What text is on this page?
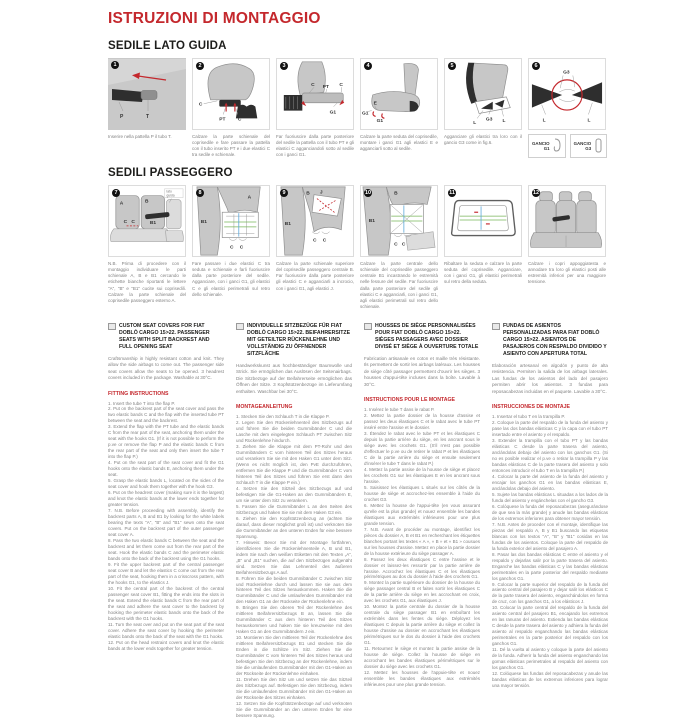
ISTRUZIONI DI MONTAGGIO
SEDILE LATO GUIDA
1
P	T

Inserire nella pattella P il tubo T.

2
C
PT C

Calzare la parte schienale del coprisedile e fare passare la pattella con il tubo inserito PT e i due elastici C tra sedile e schienale.

3
C PT C
G1

Far fuoriuscire dalla parte posteriore del sedile la pattella con il tubo PT e gli elastici C agganciandoli sotto al sedile con i ganci G1.

4
G1
E
G1

Calzare la parte seduta del coprisedile, montare i ganci G1 agli elastici E e agganciarli sotto al sedile.

5
G3
L	L

Agganciare gli elastici tra loro con il gancio G3 come in fig.6.

6
G3
L	L
GANCIO
G1
GANCIO
G3
SEDILI PASSEGGERO
7	lato
guida
A	B
C C	B1

N.B. Prima di procedere con il montaggio individuare le parti schienale A, B e B1 cercando le etichette bianche riportanti le lettere "A", "B" e "B1" cucite sui coprisedili. Calzare la parte schienale del coprisedile passeggero esterno A.

8
A
B1
C C

Fare passare i due elastici C tra seduta e schienale e farli fuoriuscire dalla parte posteriore del sedile. Agganciare, con i ganci G1, gli elastici C e gli elastici perimetrali sul retro dello schienale.

9	B J
B1
C C

Calzare la parte schienale superiore del coprisedile passeggero centrale B. Far fuoriuscire dalla parte posteriore gli elastici C e agganciarli a incrocio, con i ganci G1, agli elastici J.

10	B
B1
C C

Calzare la parte centrale dello schienale del coprisedile passeggero centrale B1 incastrando le estremità nelle fessure del sedile. Far fuoriuscire dalla parte posteriore del sedile gli elastici C e agganciarli, con i ganci G1, agli elastici perimetrali sul retro dello schienale.

11

Ribaltare la seduta e calzare la parte seduta del coprisedile. Agganciare, con i ganci G1, gli elastici perimetrali sul retro della seduta.

12

Calzare i copri appoggiatesta e annodare tra loro gli elastici posti alle estremità inferiori per una maggiore tensione.

CUSTOM SEAT COVERS FOR FIAT DOBLÒ CARGO 15>22. PASSENGER SEATS WITH SPLIT BACKREST AND FULL OPENING SEAT

Craftsmanship in highly resistant cotton and knit. They allow the side airbags to come out. The passenger side seat covers allow the seats to be opened. 3 headrest covers included in the package. Washable at 30°C.

FITTING INSTRUCTIONS

1. Insert the tube T into the flap P.

2. Put on the backrest part of the seat cover and pass the two elastic bands C and the flap with the inserted tube PT between the seat and the backrest.

3. Extend the flap with the PT tube and the elastic bands C from the rear part of the seat, anchoring them under the seat with the hooks G1. (If it is not possible to perform the p.ve or remove the flap P and the elastic bands C from the rear part of the seat and only then insert the tube T into the flap P.)

4. Put on the seat part of the seat cover and fit the G1 hooks onto the elastic bands E, anchoring them under the seat.

5. Grasp the elastic bands L, located on the sides of the seat cover and hook them together with the hook G3.

6. Put on the headrest cover (making sure it is the largest) and knot the elastic bands at the lower ends together for greater tension.

7. N.B. Before proceeding with assembly, identify the backrest parts A, B and B1 by looking for the white labels bearing the texts "A", "B" and "B1" sewn onto the seat covers. Put on the backrest part of the outer passenger seat cover A.

8. Pass the two elastic bands C between the seat and the backrest and let them come out from the rear part of the seat. Hook the elastic bands C and the perimeter elastic bands onto the back of the backrest using the G1 hooks.

9. Fit the upper backrest part of the central passenger seat cover B and let the elastics C come out from the rear part of the seat, hooking them in a crisscross pattern, with the hooks G1, to the elastics J.

10. Fit the central part of the backrest of the central passenger seat cover B1, fitting the ends into the slots in the seat. Extend the elastic bands C from the rear part of the seat and adhere the seat cover to the backrest by hooking the perimeter elastic bands onto the back of the backrest with the G1 hooks.

11. Turn the seat over and put on the seat part of the seat cover. Adhere the seat cover by hooking the perimeter elastic bands onto the back of the seat with the G1 hooks.

12. Put on the head restraint covers and knot the elastic bands at the lower ends together for greater tension.

INDIVIDUELLE SITZBEZÜGE FÜR FIAT DOBLÒ CARGO 15>22. BEIFAHRERSITZE MIT GETEILTER RÜCKENLEHNE UND VOLLSTÄNDIG ZU ÖFFNENDER SITZFLÄCHE

Handwerkskunst aus hochbeständiger Baumwolle und Strick. Sie ermöglichen das Auslösen der Seitenairbags. Die Sitzbezüge auf der Beifahrerseite ermöglichen das Öffnen der Sitze. 3 Kopfstützenbezüge im Lieferumfang enthalten. Waschbar bei 30°C.

MONTAGEANLEITUNG

1. Stecken Sie den Schlauch T in die Klappe P.

2. Legen Sie den Rückenlehnenteil des Sitzbezugs auf und führen Sie die beiden Gummibänder C und die Lasche mit dem eingelegten Schlauch PT zwischen Sitz und Rückenlehne hindurch.

3. Ziehen Sie die Klappe mit dem PT-Rohr und den Gummibändern C vom hinteren Teil des Sitzes heraus und verankern Sie sie mit den Haken G1 unter dem Sitz. (Wenn es nicht möglich ist, den PvE durchzuführen, entfernen Sie die Klappe P und die Gummibänder C vom hinteren Teil des Sitzes und führen Sie erst dann den Schlauch T in die Klappe P ein.)

4. Setzen Sie den Sitzteil des Sitzbezugs auf und befestigen Sie die G1-Haken an den Gummibändern E, um sie unter dem Sitz zu verankern.

5. Fassen Sie die Gummibänder L an den Seiten des Sitzbezugs und haken Sie sie mit dem Haken G3 ein.

6. Ziehen Sie den Kopfstützenbezug an (achten Sie darauf, dass dieser möglichst groß ist) und verknoten Sie die Gummibänder an den unteren Enden für eine bessere Spannung.

7. Hinweis: Bevor Sie mit der Montage fortfahren, identifizieren Sie die Rückenlehnenteile A, B und B1, indem Sie nach den weißen Etiketten mit den Texten „A“, „B“ und „B1“ suchen, die auf den Sitzbezügen aufgenäht sind. Setzen Sie das Lehnenteil des äußeren Beifahrersitzbezugs A auf.

8. Führen Sie die beiden Gummibänder C zwischen Sitz und Rückenlehne durch und lassen Sie sie aus dem hinteren Teil des Sitzes herauskommen. Haken Sie die Gummibänder C und die umlaufenden Gummibänder mit den Haken G1 an der Rückseite der Rückenlehne ein.

9. Bringen Sie den oberen Teil der Rückenlehne des mittleren Beifahrersitzbezugs B an, lassen Sie die Gummibänder C aus dem hinteren Teil des Sitzes herauskommen und haken Sie sie kreuzweise mit den Haken G1 an den Gummibändern J ein.

10. Montieren Sie den mittleren Teil der Rückenlehne des mittleren Beifahrersitzbezugs B1 und stecken Sie die Enden in die Schlitze im Sitz. Ziehen Sie die Gummibänder C vom hinteren Teil des Sitzes heraus und befestigen Sie den Sitzbezug an der Rückenlehne, indem Sie die umlaufenden Gummibänder mit den G1-Haken an der Rückseite der Rückenlehne einhaken.

11. Drehen Sie den Sitz um und setzen Sie das Sitzteil des Sitzbezugs auf. Befestigen Sie den Sitzbezug, indem Sie die umlaufenden Gummibänder mit den G1-Haken an der Rückseite des Sitzes einhaken.

12. Setzen Sie die Kopfstützenbezüge auf und verknoten Sie die Gummibänder an den unteren Enden für eine bessere Spannung.

HOUSSES DE SIÈGE PERSONNALISÉES POUR FIAT DOBLÒ CARGO 15>22. SIÈGES PASSAGERS AVEC DOSSIER DIVISÉ ET SIÈGE À OUVERTURE TOTALE

Fabrication artisanale en coton et maille très résistante. Ils permettent de sortir les airbags latéraux. Les housses de siège côté passager permettent d'ouvrir les sièges. 3 housses d'appui-tête incluses dans la boîte. Lavable à 30°C.

INSTRUCTIONS POUR LE MONTAGE

1. Insérez le tube T dans le rabat P.

2. Mettez la partie dossier de la housse d'assise et passez les deux élastiques C et le rabat avec le tube PT inséré entre l'assise et le dossier.

3. Étendez le rabat avec le tube PT et les élastiques C depuis la partie arrière du siège, en les ancrant sous le siège avec les crochets G1. (S'il n'est pas possible d'effectuer le p.ve ou de retirer le rabat P et les élastiques C de la partie arrière du siège et ensuite seulement d'insérer le tube T dans le rabat P.)

4. Mettez la partie assise de la housse de siège et placez les crochets G1 sur les élastiques E en les ancrant sous l'assise.

5. Saisissez les élastiques L situés sur les côtés de la housse de siège et accrochez-les ensemble à l'aide du crochet G3.

6. Mettez la housse de l'appui-tête (en vous assurant qu'elle est la plus grande) et nouez ensemble les bandes élastiques aux extrémités inférieures pour une plus grande tension.

7. N.B. Avant de procéder au montage, identifiez les pièces du dossier A, B et B1 en recherchant les étiquettes blanches portant les textes « A », « B » et « B1 » cousues sur les housses d'assise. Mettez en place la partie dossier de la housse extérieure du siège passager A.

8. Passez les deux élastiques C entre l'assise et le dossier et laissez-les ressortir par la partie arrière de l'assise. Accrochez les élastiques C et les élastiques périmétriques au dos du dossier à l'aide des crochets G1.

9. Montez la partie supérieure du dossier de la housse du siège passager central B et faites sortir les élastiques C de la partie arrière du siège en les accrochant en croix, avec les crochets G1, aux élastiques J.

10. Montez la partie centrale du dossier de la housse centrale du siège passager B1 en emboîtant les extrémités dans les fentes du siège. Déployez les élastiques C depuis la partie arrière du siège et collez la housse d'assise au dossier en accrochant les élastiques périmétriques sur le dos du dossier à l'aide des crochets G1.

11. Retournez le siège et montez la partie assise de la housse de siège. Collez la housse de siège en accrochant les bandes élastiques périmétriques sur le dossier du siège avec les crochets G1.

12. Mettez les housses de l'appuie-tête et nouez ensemble les bandes élastiques aux extrémités inférieures pour une plus grande tension.

FUNDAS DE ASIENTOS PERSONALIZADAS PARA FIAT DOBLÒ CARGO 15>22. ASIENTOS DE PASAJEROS CON RESPALDO DIVIDIDO Y ASIENTO CON APERTURA TOTAL

Elaboración artesanal en algodón y punto de alta resistencia. Permiten la salida de los airbags laterales. Las fundas de los asientos del lado del pasajero permiten abrir los asientos. 3 fundas para reposacabezas incluidas en el paquete. Lavable a 30°C.

INSTRUCCIONES DE MONTAJE

1. Insertar el tubo T en la trampilla P.

2. Coloque la parte del respaldo de la funda del asiento y pase las dos bandas elásticas C y la capa con el tubo PT insertado entre el asiento y el respaldo.

3. Extender la trampilla con el tubo PT y las bandas elásticas C desde la parte trasera del asiento, anclándolas debajo del asiento con los ganchos G1. (Si no es posible realizar el p.ve o retirar la trampilla P y las bandas elásticas C de la parte trasera del asiento y solo entonces introducir el tubo T en la trampilla P.)

4. Colocar la parte del asiento de la funda del asiento y encajar los ganchos G1 en las bandas elásticas E, anclándolas debajo del asiento.

5. Sujete las bandas elásticas L situadas a los lados de la funda del asiento y engánchelas con el gancho G3.

6. Colóquese la funda del reposacabezas (asegurándose de que sea la más grande) y anude las bandas elásticas de los extremos inferiores para obtener mayor tensión.

7. N.B. Antes de proceder con el montaje, identifique las piezas del respaldo A, B y B1 buscando las etiquetas blancas con los textos "A", "B" y "B1" cosidas en las fundas de los asientos. Coloque la parte del respaldo de la funda exterior del asiento del pasajero A.

8. Pasar las dos bandas elásticas C entre el asiento y el respaldo y dejarlas salir por la parte trasera del asiento. Enganche las bandas elásticas C y las bandas elásticas perimetrales en la parte posterior del respaldo mediante los ganchos G1.

9. Colocar la parte superior del respaldo de la funda del asiento central del pasajero B y dejar salir los elásticos C de la parte trasera del asiento, enganchándolos en forma de cruz, con los ganchos G1, a los elásticos J.

10. Colocar la parte central del respaldo de la funda del asiento central del pasajero B1, encajando los extremos en las ranuras del asiento. Extienda las bandas elásticas C desde la parte trasera del asiento y adhiera la funda del asiento al respaldo enganchando las bandas elásticas perimetrales en la parte posterior del respaldo con los ganchos G1.

11. Dé la vuelta al asiento y coloque la parte del asiento de la funda. Adherir la funda del asiento enganchando las gomas elásticas perimetrales al respaldo del asiento con los ganchos G1.

12. Colóquese las fundas del reposacabezas y anude las bandas elásticas de los extremos inferiores para lograr una mayor tensión.
